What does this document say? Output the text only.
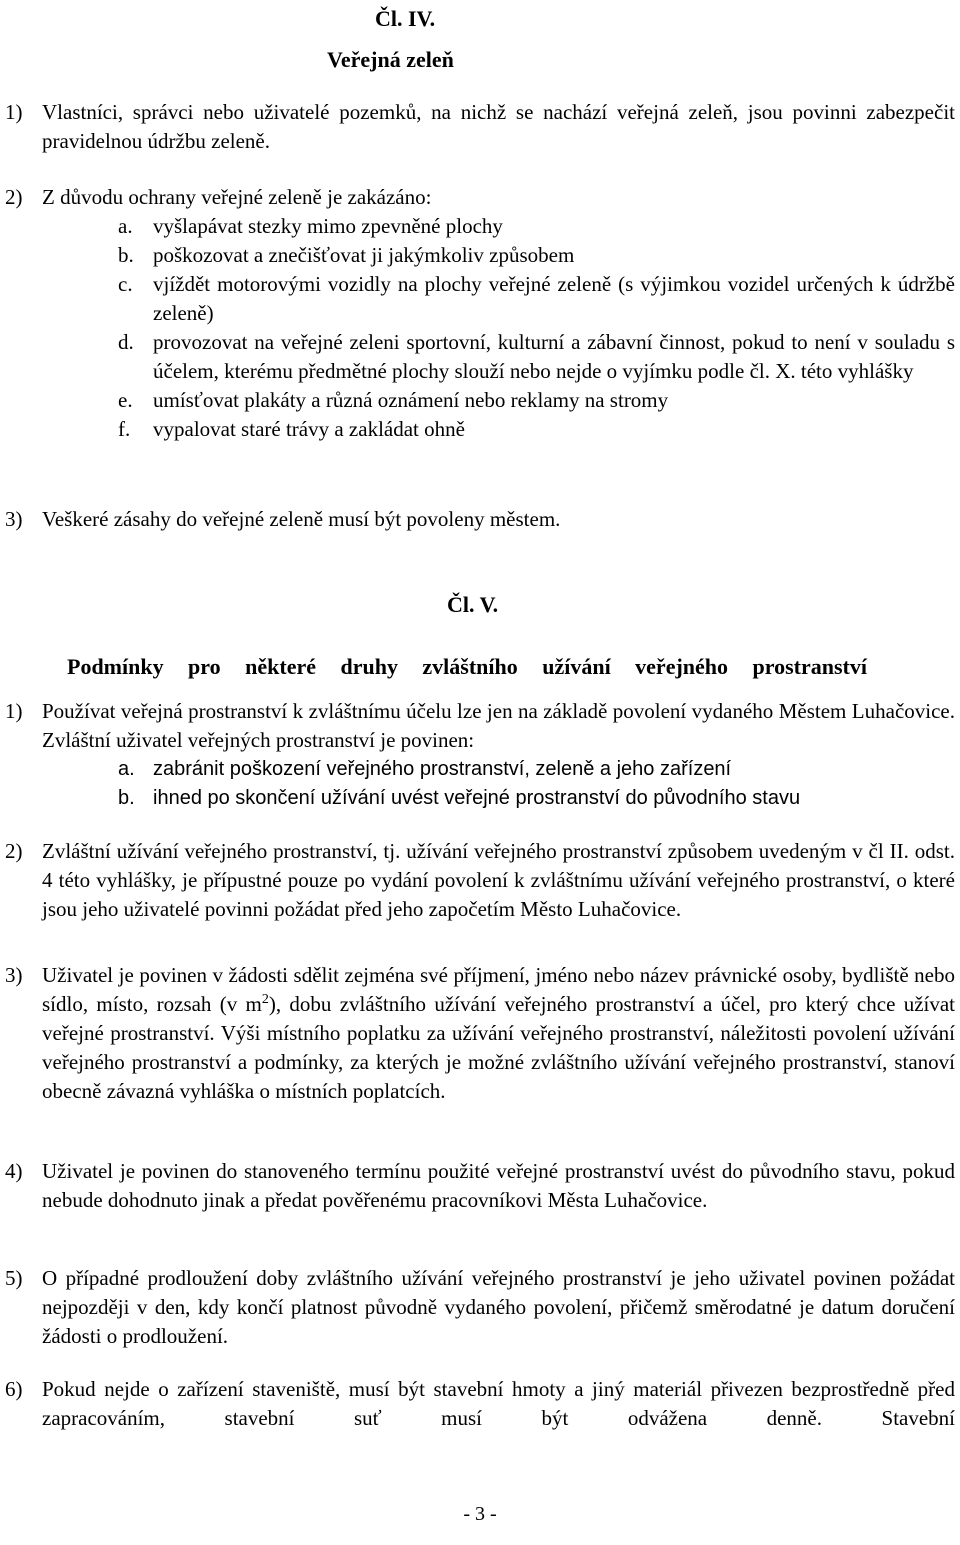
Čl. IV.
Veřejná zeleň
1) Vlastníci, správci nebo uživatelé pozemků, na nichž se nachází veřejná zeleň, jsou povinni zabezpečit pravidelnou údržbu zeleně.
2) Z důvodu ochrany veřejné zeleně je zakázáno:
a. vyšlapávat stezky mimo zpevněné plochy
b. poškozovat a znečišťovat ji jakýmkoliv způsobem
c. vjíždět motorovými vozidly na plochy veřejné zeleně (s výjimkou vozidel určených k údržbě zeleně)
d. provozovat na veřejné zeleni sportovní, kulturní a zábavní činnost, pokud to není v souladu s účelem, kterému předmětné plochy slouží nebo nejde o vyjímku podle čl. X. této vyhlášky
e. umísťovat plakáty a různá oznámení nebo reklamy na stromy
f. vypalovat staré trávy a zakládat ohně
3) Veškeré zásahy do veřejné zeleně musí být povoleny městem.
Čl. V.
Podmínky pro některé druhy zvláštního užívání veřejného prostranství
1) Používat veřejná prostranství k zvláštnímu účelu lze jen na základě povolení vydaného Městem Luhačovice. Zvláštní uživatel veřejných prostranství je povinen:
a. zabránit poškození veřejného prostranství, zeleně a jeho zařízení
b. ihned po skončení užívání uvést veřejné prostranství do původního stavu
2) Zvláštní užívání veřejného prostranství, tj. užívání veřejného prostranství způsobem uvedeným v čl II. odst. 4 této vyhlášky, je přípustné pouze po vydání povolení k zvláštnímu užívání veřejného prostranství, o které jsou jeho uživatelé povinni požádat před jeho započetím Město Luhačovice.
3) Uživatel je povinen v žádosti sdělit zejména své příjmení, jméno nebo název právnické osoby, bydliště nebo sídlo, místo, rozsah (v $m^2$), dobu zvláštního užívání veřejného prostranství a účel, pro který chce užívat veřejné prostranství. Výši místního poplatku za užívání veřejného prostranství, náležitosti povolení užívání veřejného prostranství a podmínky, za kterých je možné zvláštního užívání veřejného prostranství, stanoví obecně závazná vyhláška o místních poplatcích.
4) Uživatel je povinen do stanoveného termínu použité veřejné prostranství uvést do původního stavu, pokud nebude dohodnuto jinak a předat pověřenému pracovníkovi Města Luhačovice.
5) O případné prodloužení doby zvláštního užívání veřejného prostranství je jeho uživatel povinen požádat nejpozději v den, kdy končí platnost původně vydaného povolení, přičemž směrodatné je datum doručení žádosti o prodloužení.
6) Pokud nejde o zařízení staveniště, musí být stavební hmoty a jiný materiál přivezen bezprostředně před zapracováním, stavební suť musí být odvážena denně. Stavební
- 3 -
